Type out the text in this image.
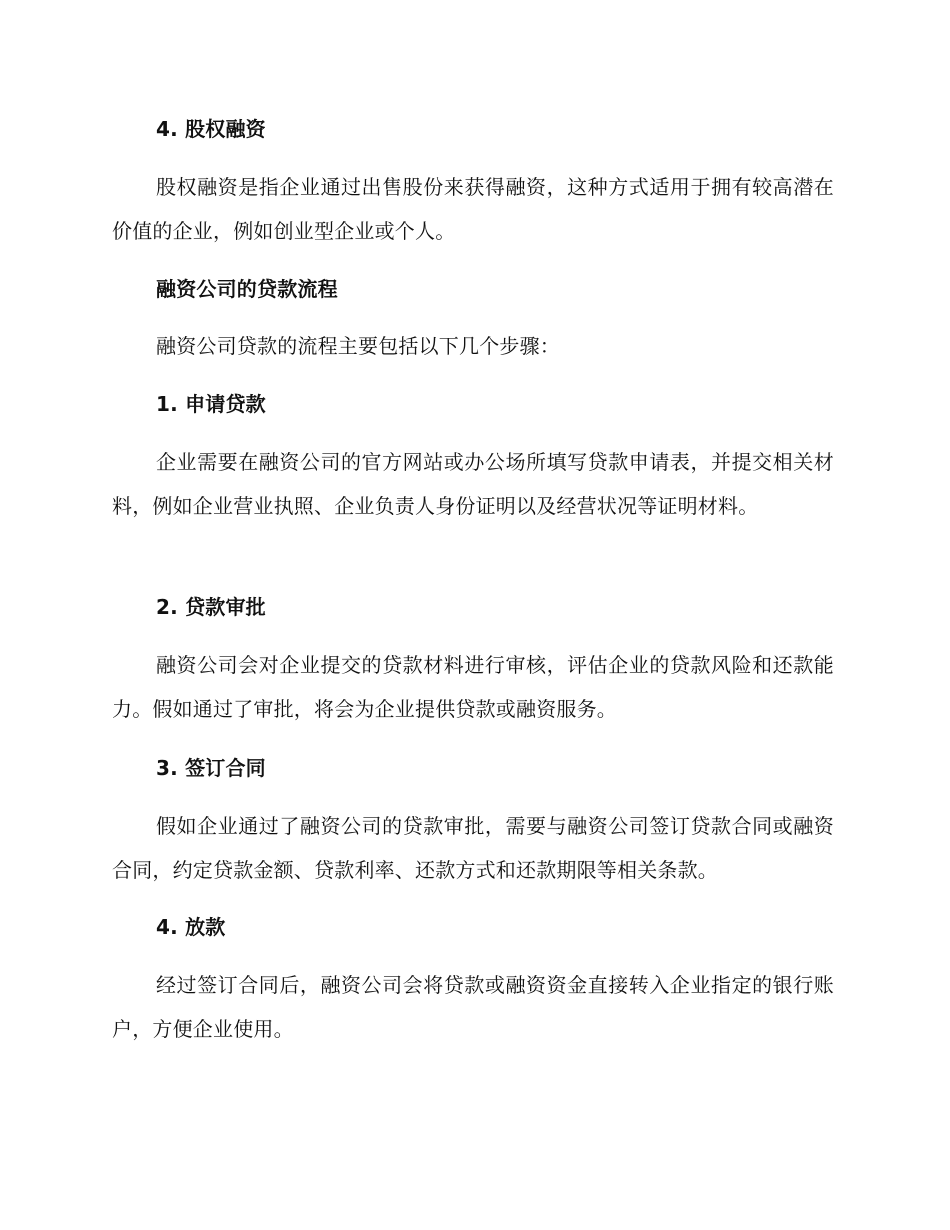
4. 股权融资

股权融资是指企业通过出售股份来获得融资，这种方式适用于拥有较高潜在价值的企业，例如创业型企业或个人。

融资公司的贷款流程

融资公司贷款的流程主要包括以下几个步骤：

1. 申请贷款

企业需要在融资公司的官方网站或办公场所填写贷款申请表，并提交相关材料，例如企业营业执照、企业负责人身份证明以及经营状况等证明材料。

2. 贷款审批

融资公司会对企业提交的贷款材料进行审核，评估企业的贷款风险和还款能力。假如通过了审批，将会为企业提供贷款或融资服务。

3. 签订合同

假如企业通过了融资公司的贷款审批，需要与融资公司签订贷款合同或融资合同，约定贷款金额、贷款利率、还款方式和还款期限等相关条款。

4. 放款

经过签订合同后，融资公司会将贷款或融资资金直接转入企业指定的银行账户，方便企业使用。
